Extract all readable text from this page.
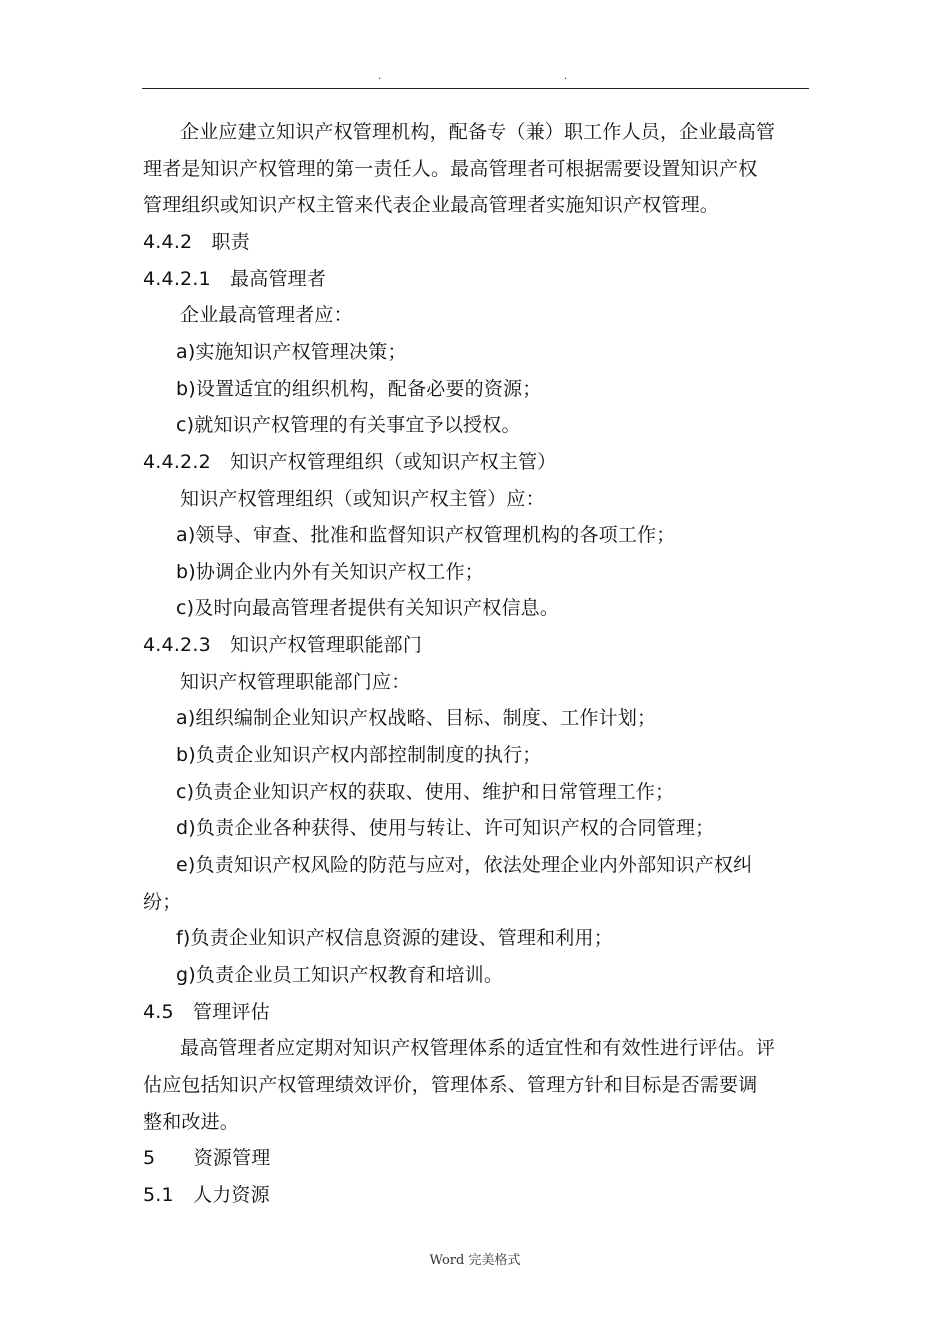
.	.
企业应建立知识产权管理机构，配备专（兼）职工作人员，企业最高管
理者是知识产权管理的第一责任人。最高管理者可根据需要设置知识产权
管理组织或知识产权主管来代表企业最高管理者实施知识产权管理。
4.4.2　职责
4.4.2.1　最高管理者
企业最高管理者应：
a)实施知识产权管理决策；
b)设置适宜的组织机构，配备必要的资源；
c)就知识产权管理的有关事宜予以授权。
4.4.2.2　知识产权管理组织（或知识产权主管）
知识产权管理组织（或知识产权主管）应：
a)领导、审查、批准和监督知识产权管理机构的各项工作；
b)协调企业内外有关知识产权工作；
c)及时向最高管理者提供有关知识产权信息。
4.4.2.3　知识产权管理职能部门
知识产权管理职能部门应：
a)组织编制企业知识产权战略、目标、制度、工作计划；
b)负责企业知识产权内部控制制度的执行；
c)负责企业知识产权的获取、使用、维护和日常管理工作；
d)负责企业各种获得、使用与转让、许可知识产权的合同管理；
e)负责知识产权风险的防范与应对，依法处理企业内外部知识产权纠
纷；
f)负责企业知识产权信息资源的建设、管理和利用；
g)负责企业员工知识产权教育和培训。
4.5　管理评估
最高管理者应定期对知识产权管理体系的适宜性和有效性进行评估。评
估应包括知识产权管理绩效评价，管理体系、管理方针和目标是否需要调
整和改进。
5　　资源管理
5.1　人力资源
Word 完美格式
